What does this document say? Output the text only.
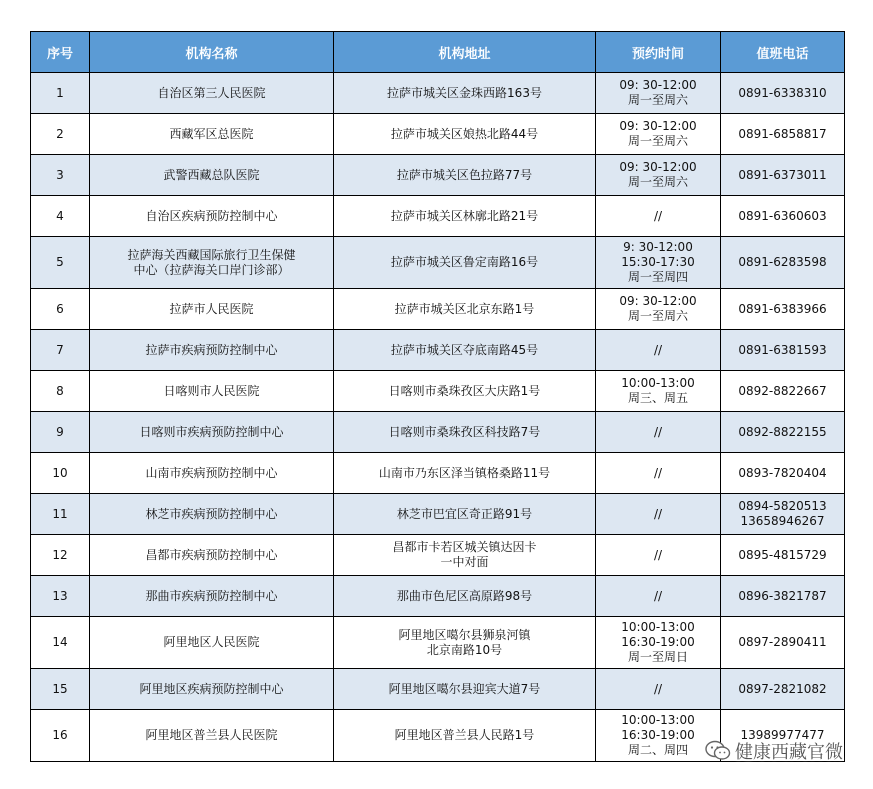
序号	机构名称	机构地址	预约时间	值班电话
1	自治区第三人民医院	拉萨市城关区金珠西路163号	09: 30-12:00
周一至周六	0891-6338310
2	西藏军区总医院	拉萨市城关区娘热北路44号	09: 30-12:00
周一至周六	0891-6858817
3	武警西藏总队医院	拉萨市城关区色拉路77号	09: 30-12:00
周一至周六	0891-6373011
4	自治区疾病预防控制中心	拉萨市城关区林廓北路21号	//	0891-6360603
5	拉萨海关西藏国际旅行卫生保健
中心（拉萨海关口岸门诊部）	拉萨市城关区鲁定南路16号	9: 30-12:00
15:30-17:30
周一至周四	0891-6283598
6	拉萨市人民医院	拉萨市城关区北京东路1号	09: 30-12:00
周一至周六	0891-6383966
7	拉萨市疾病预防控制中心	拉萨市城关区夺底南路45号	//	0891-6381593
8	日喀则市人民医院	日喀则市桑珠孜区大庆路1号	10:00-13:00
周三、周五	0892-8822667
9	日喀则市疾病预防控制中心	日喀则市桑珠孜区科技路7号	//	0892-8822155
10	山南市疾病预防控制中心	山南市乃东区泽当镇格桑路11号	//	0893-7820404
11	林芝市疾病预防控制中心	林芝市巴宜区奇正路91号	//	0894-5820513
13658946267
12	昌都市疾病预防控制中心	昌都市卡若区城关镇达因卡
一中对面	//	0895-4815729
13	那曲市疾病预防控制中心	那曲市色尼区高原路98号	//	0896-3821787
14	阿里地区人民医院	阿里地区噶尔县狮泉河镇
北京南路10号	10:00-13:00
16:30-19:00
周一至周日	0897-2890411
15	阿里地区疾病预防控制中心	阿里地区噶尔县迎宾大道7号	//	0897-2821082
16	阿里地区普兰县人民医院	阿里地区普兰县人民路1号	10:00-13:00
16:30-19:00
周二、周四	13989977477
健康西藏官微
